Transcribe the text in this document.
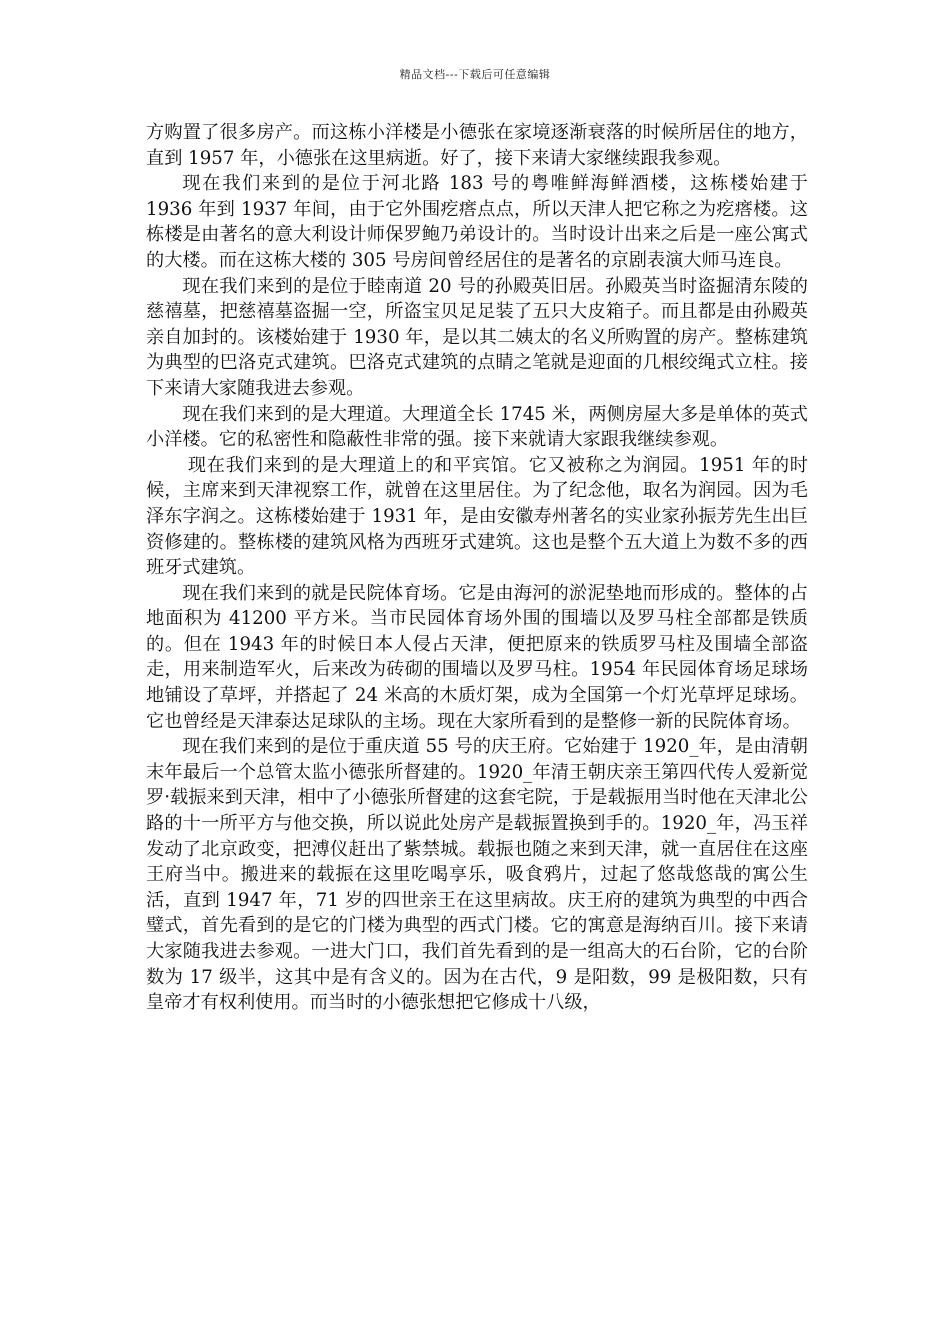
精品文档---下载后可任意编辑

方购置了很多房产。而这栋小洋楼是小德张在家境逐渐衰落的时候所居住的地方，直到 1957 年，小德张在这里病逝。好了，接下来请大家继续跟我参观。

现在我们来到的是位于河北路 183 号的粤唯鲜海鲜酒楼，这栋楼始建于 1936 年到 1937 年间，由于它外围疙瘩点点，所以天津人把它称之为疙瘩楼。这栋楼是由著名的意大利设计师保罗鲍乃弟设计的。当时设计出来之后是一座公寓式的大楼。而在这栋大楼的 305 号房间曾经居住的是著名的京剧表演大师马连良。

现在我们来到的是位于睦南道 20 号的孙殿英旧居。孙殿英当时盗掘清东陵的慈禧墓，把慈禧墓盗掘一空，所盗宝贝足足装了五只大皮箱子。而且都是由孙殿英亲自加封的。该楼始建于 1930 年，是以其二姨太的名义所购置的房产。整栋建筑为典型的巴洛克式建筑。巴洛克式建筑的点睛之笔就是迎面的几根绞绳式立柱。接下来请大家随我进去参观。

现在我们来到的是大理道。大理道全长 1745 米，两侧房屋大多是单体的英式小洋楼。它的私密性和隐蔽性非常的强。接下来就请大家跟我继续参观。

现在我们来到的是大理道上的和平宾馆。它又被称之为润园。1951 年的时候，主席来到天津视察工作，就曾在这里居住。为了纪念他，取名为润园。因为毛泽东字润之。这栋楼始建于 1931 年，是由安徽寿州著名的实业家孙振芳先生出巨资修建的。整栋楼的建筑风格为西班牙式建筑。这也是整个五大道上为数不多的西班牙式建筑。

现在我们来到的就是民院体育场。它是由海河的淤泥垫地而形成的。整体的占地面积为 41200 平方米。当市民园体育场外围的围墙以及罗马柱全部都是铁质的。但在 1943 年的时候日本人侵占天津，便把原来的铁质罗马柱及围墙全部盗走，用来制造军火，后来改为砖砌的围墙以及罗马柱。1954 年民园体育场足球场地铺设了草坪，并搭起了 24 米高的木质灯架，成为全国第一个灯光草坪足球场。它也曾经是天津泰达足球队的主场。现在大家所看到的是整修一新的民院体育场。

现在我们来到的是位于重庆道 55 号的庆王府。它始建于 1920_年，是由清朝末年最后一个总管太监小德张所督建的。1920_年清王朝庆亲王第四代传人爱新觉罗·载振来到天津，相中了小德张所督建的这套宅院，于是载振用当时他在天津北公路的十一所平方与他交换，所以说此处房产是载振置换到手的。1920_年，冯玉祥发动了北京政变，把溥仪赶出了紫禁城。载振也随之来到天津，就一直居住在这座王府当中。搬进来的载振在这里吃喝享乐，吸食鸦片，过起了悠哉悠哉的寓公生活，直到 1947 年，71 岁的四世亲王在这里病故。庆王府的建筑为典型的中西合璧式，首先看到的是它的门楼为典型的西式门楼。它的寓意是海纳百川。接下来请大家随我进去参观。一进大门口，我们首先看到的是一组高大的石台阶，它的台阶数为 17 级半，这其中是有含义的。因为在古代，9 是阳数，99 是极阳数，只有皇帝才有权利使用。而当时的小德张想把它修成十八级，
